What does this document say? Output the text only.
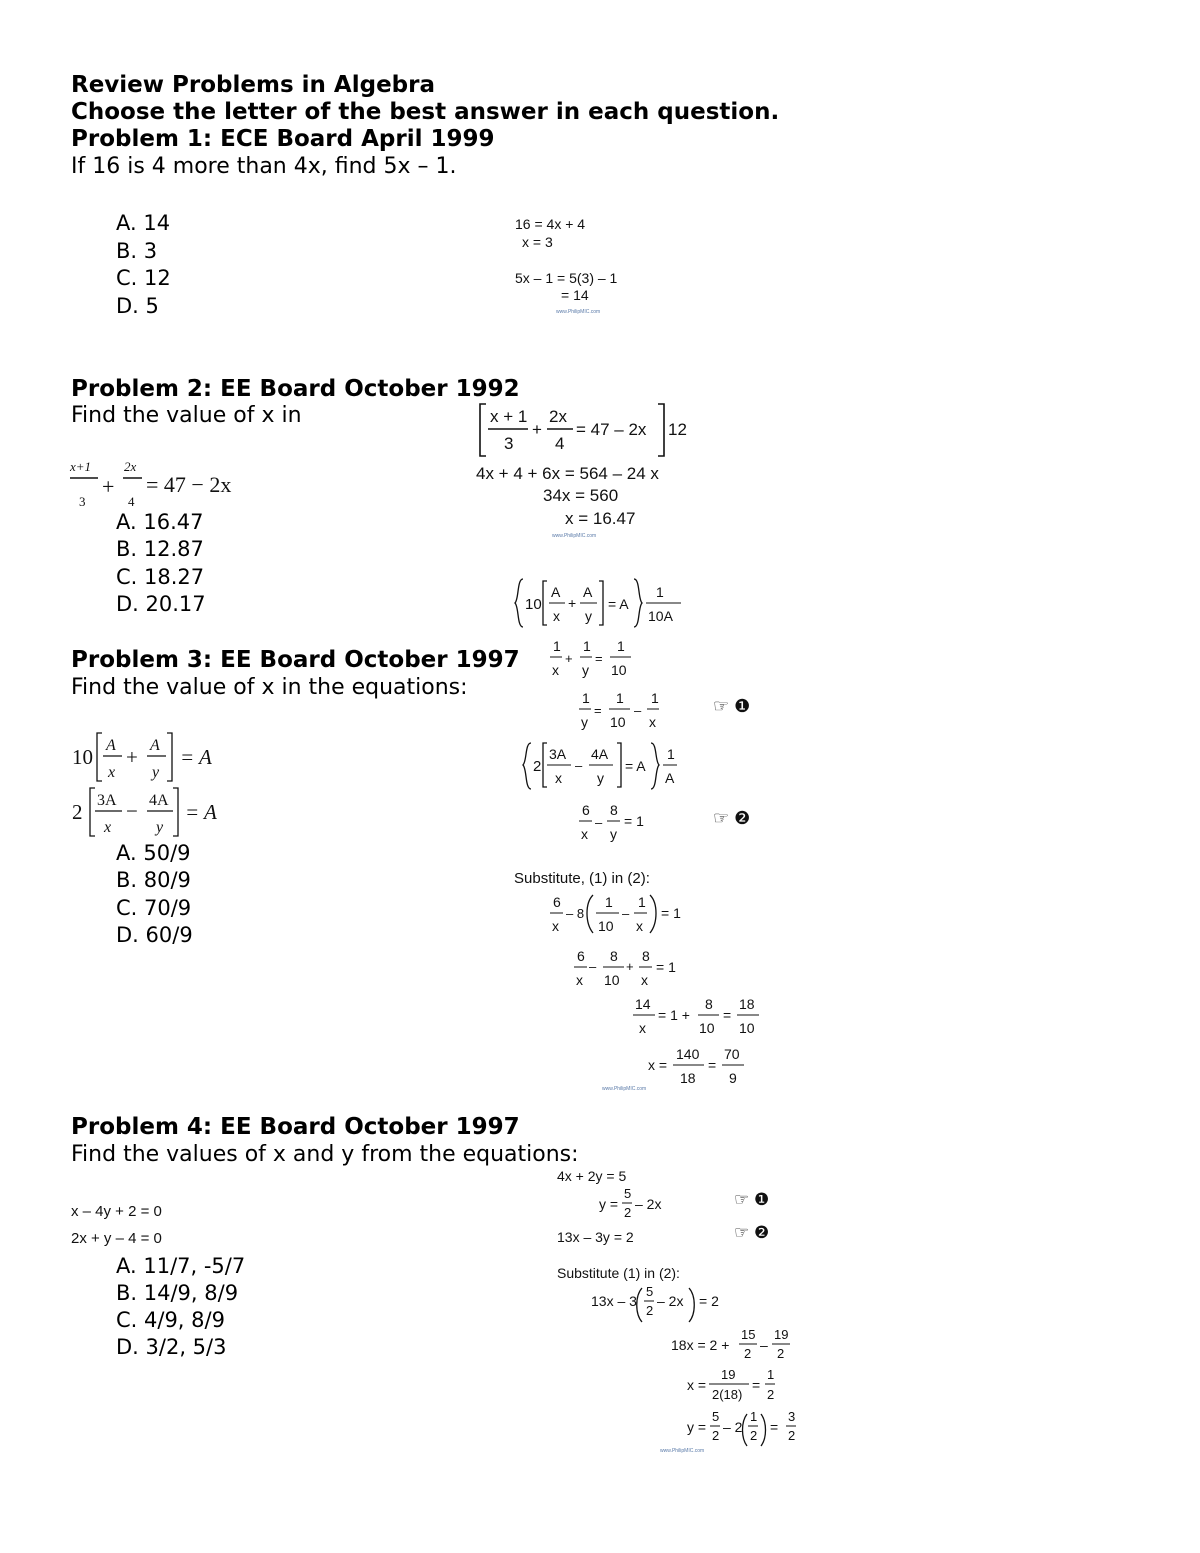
Review Problems in Algebra
Choose the letter of the best answer in each question.
Problem 1: ECE Board April 1999
If 16 is 4 more than 4x, find 5x – 1.
A. 14
B. 3
C. 12
D. 5
16 = 4x + 4
x = 3
5x – 1 = 5(3) – 1
= 14
www.PhilipMIC.com
Problem 2: EE Board October 1992
Find the value of x in
x+1
3
+
2x
4
= 47 − 2x
A. 16.47
B. 12.87
C. 18.27
D. 20.17
x + 1
3
+
2x
4
= 47 – 2x 12
4x + 4 + 6x = 564 – 24 x
34x = 560
x = 16.47
www.PhilipMIC.com
Problem 3: EE Board October 1997
Find the value of x in the equations:
10 A
x
+ A
y
= A
2 3A
x
− 4A
y
= A
A. 50/9
B. 80/9
C. 70/9
D. 60/9
10
A
x
+
A
y
= A
1
10A
1
x
+
1
y
=
1
10
1
y
=
1
10
–
1
x
2
3A
x
–
4A
y
= A
1
A
6
x
–
8
y
= 1
6
x
– 8
1
10
–
1
x
= 1
6
x
–
8
10
+
8
x
= 1
14
x
= 1 +
8
10
=
18
10
x =
140
18
=
70
9
☞ ❶
☞ ❷
Substitute, (1) in (2):
www.PhilipMIC.com
Problem 4: EE Board October 1997
Find the values of x and y from the equations:
x – 4y + 2 = 0
2x + y – 4 = 0
A. 11/7, -5/7
B. 14/9, 8/9
C. 4/9, 8/9
D. 3/2, 5/3
4x + 2y = 5
y =
5
2
– 2x
13x – 3y = 2
Substitute (1) in (2):
☞ ❶
☞ ❷
13x – 3
5
2
– 2x = 2
18x = 2 +
15
2
–
19
2
x =
19
2(18)
=
1
2
y =
5
2
– 2
1
2
=
3
2
www.PhilipMIC.com
